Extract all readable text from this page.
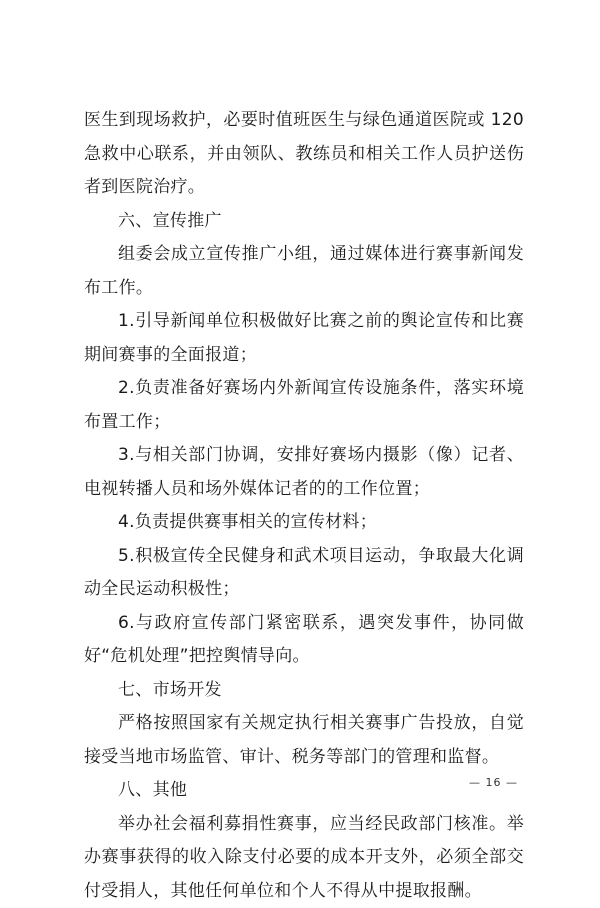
医生到现场救护，必要时值班医生与绿色通道医院或 120 急救中心联系，并由领队、教练员和相关工作人员护送伤者到医院治疗。

六、宣传推广

组委会成立宣传推广小组，通过媒体进行赛事新闻发布工作。

1.引导新闻单位积极做好比赛之前的舆论宣传和比赛期间赛事的全面报道；

2.负责准备好赛场内外新闻宣传设施条件，落实环境布置工作；

3.与相关部门协调，安排好赛场内摄影（像）记者、电视转播人员和场外媒体记者的的工作位置；

4.负责提供赛事相关的宣传材料；

5.积极宣传全民健身和武术项目运动，争取最大化调动全民运动积极性；

6.与政府宣传部门紧密联系，遇突发事件，协同做好“危机处理”把控舆情导向。

七、市场开发

严格按照国家有关规定执行相关赛事广告投放，自觉接受当地市场监管、审计、税务等部门的管理和监督。

八、其他

举办社会福利募捐性赛事，应当经民政部门核准。举办赛事获得的收入除支付必要的成本开支外，必须全部交付受捐人，其他任何单位和个人不得从中提取报酬。

— 16 —
